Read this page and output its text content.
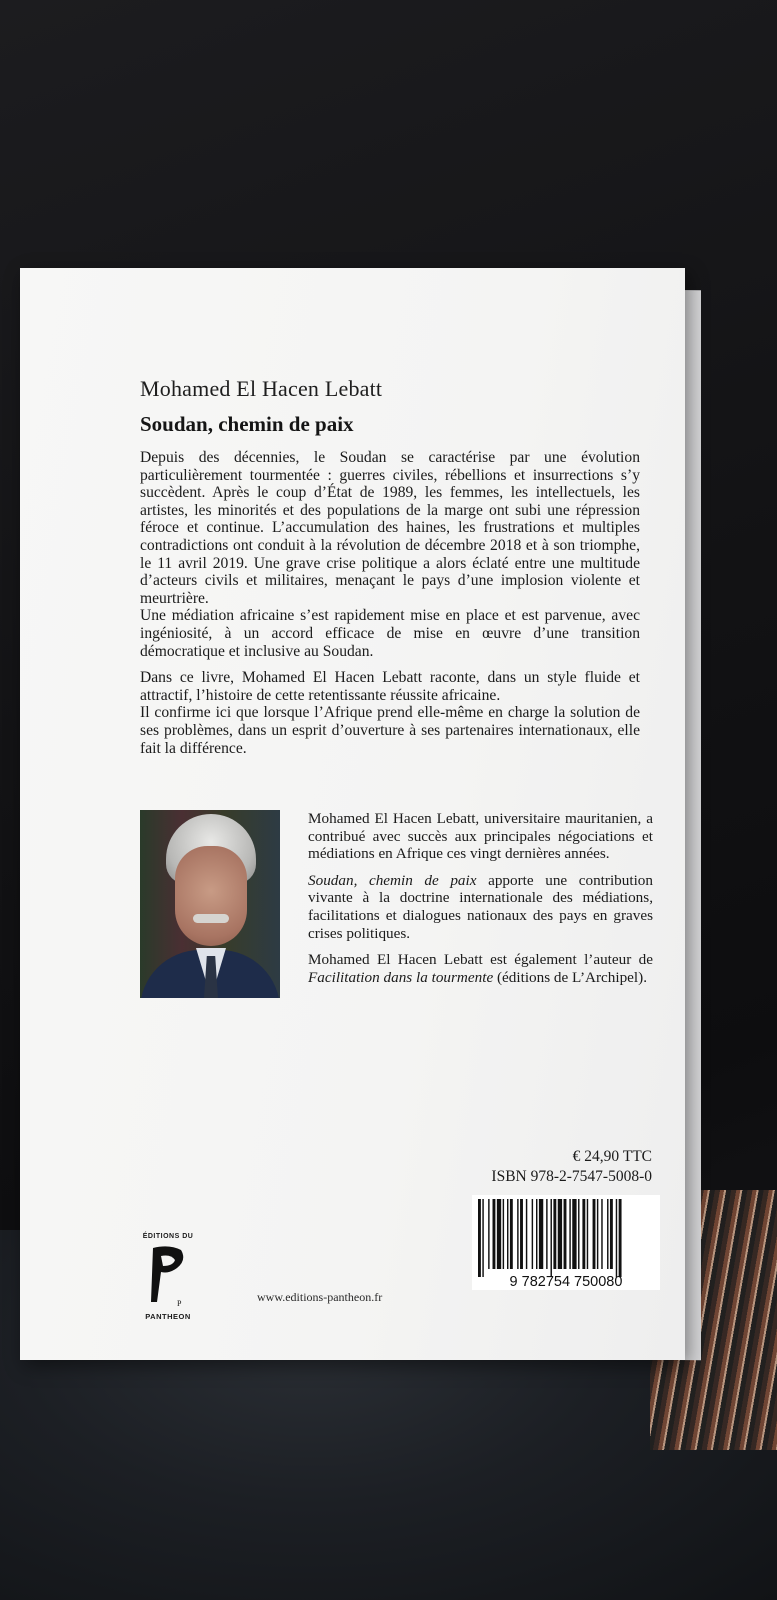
Mohamed El Hacen Lebatt
Soudan, chemin de paix

Depuis des décennies, le Soudan se caractérise par une évolution particulièrement tourmentée : guerres civiles, rébellions et insurrections s’y succèdent. Après le coup d’État de 1989, les femmes, les intellectuels, les artistes, les minorités et des populations de la marge ont subi une répression féroce et continue. L’accumulation des haines, les frustrations et multiples contradictions ont conduit à la révolution de décembre 2018 et à son triomphe, le 11 avril 2019. Une grave crise politique a alors éclaté entre une multitude d’acteurs civils et militaires, menaçant le pays d’une implosion violente et meurtrière.

Une médiation africaine s’est rapidement mise en place et est parvenue, avec ingéniosité, à un accord efficace de mise en œuvre d’une transition démocratique et inclusive au Soudan.

Dans ce livre, Mohamed El Hacen Lebatt raconte, dans un style fluide et attractif, l’histoire de cette retentissante réussite africaine.

Il confirme ici que lorsque l’Afrique prend elle-même en charge la solution de ses problèmes, dans un esprit d’ouverture à ses partenaires internationaux, elle fait la différence.

Mohamed El Hacen Lebatt, universitaire mauritanien, a contribué avec succès aux principales négociations et médiations en Afrique ces vingt dernières années.

Soudan, chemin de paix apporte une contribution vivante à la doctrine internationale des médiations, facilitations et dialogues nationaux des pays en graves crises politiques.

Mohamed El Hacen Lebatt est également l’auteur de Facilitation dans la tourmente (éditions de L’Archipel).

€ 24,90 TTC
ISBN 978-2-7547-5008-0
9 782754 750080
ÉDITIONS DU
P
PANTHEON
www.editions-pantheon.fr
